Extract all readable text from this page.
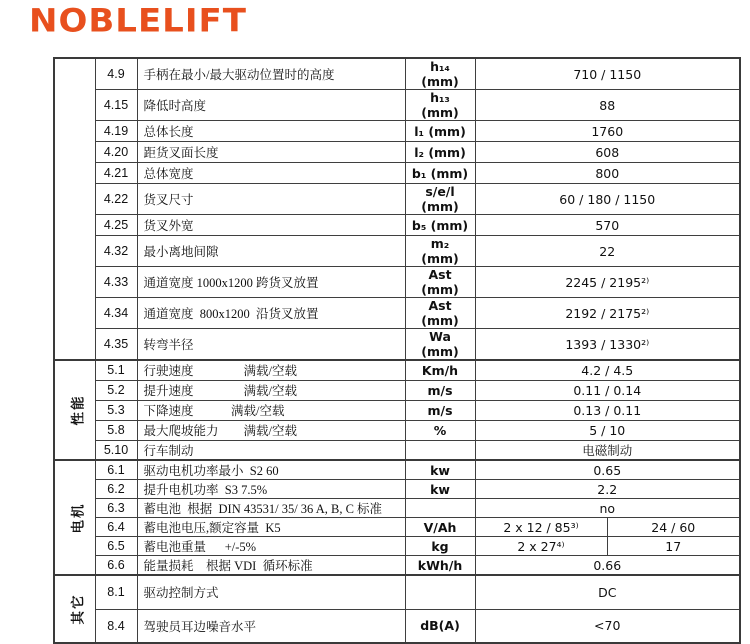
NOBLELIFT
	4.9	手柄在最小/最大驱动位置时的高度	h₁₄ (mm)	710 / 1150	
	4.15	降低时高度	h₁₃ (mm)	88	
	4.19	总体长度	l₁ (mm)	1760	
	4.20	距货叉面长度	l₂ (mm)	608	
	4.21	总体宽度	b₁ (mm)	800	
	4.22	货叉尺寸	s/e/l (mm)	60 / 180 / 1150	
	4.25	货叉外宽	b₅ (mm)	570	
	4.32	最小离地间隙	m₂ (mm)	22	
	4.33	通道宽度 1000x1200 跨货叉放置	Ast (mm)	2245 / 2195²⁾	
	4.34	通道宽度  800x1200  沿货叉放置	Ast (mm)	2192 / 2175²⁾	
	4.35	转弯半径	Wa (mm)	1393 / 1330²⁾	
性能	5.1	行驶速度　　　　满载/空载	Km/h	4.2 / 4.5	
	5.2	提升速度　　　　满载/空载	m/s	0.11 / 0.14	
	5.3	下降速度　　　满载/空载	m/s	0.13 / 0.11	
	5.8	最大爬坡能力　　满载/空载	%	5 / 10	
	5.10	行车制动		电磁制动	
电机	6.1	驱动电机功率最小  S2 60	kw	0.65	
	6.2	提升电机功率  S3 7.5%	kw	2.2	
	6.3	蓄电池  根据  DIN 43531/ 35/ 36 A, B, C 标准		no	
	6.4	蓄电池电压,额定容量  K5	V/Ah	2 x 12 / 85³⁾	24 / 60
	6.5	蓄电池重量　  +/-5%	kg	2 x 27⁴⁾	17
	6.6	能量损耗　根据 VDI  循环标准	kWh/h	0.66	
其它	8.1	驱动控制方式		DC	
	8.4	驾驶员耳边噪音水平	dB(A)	<70	
